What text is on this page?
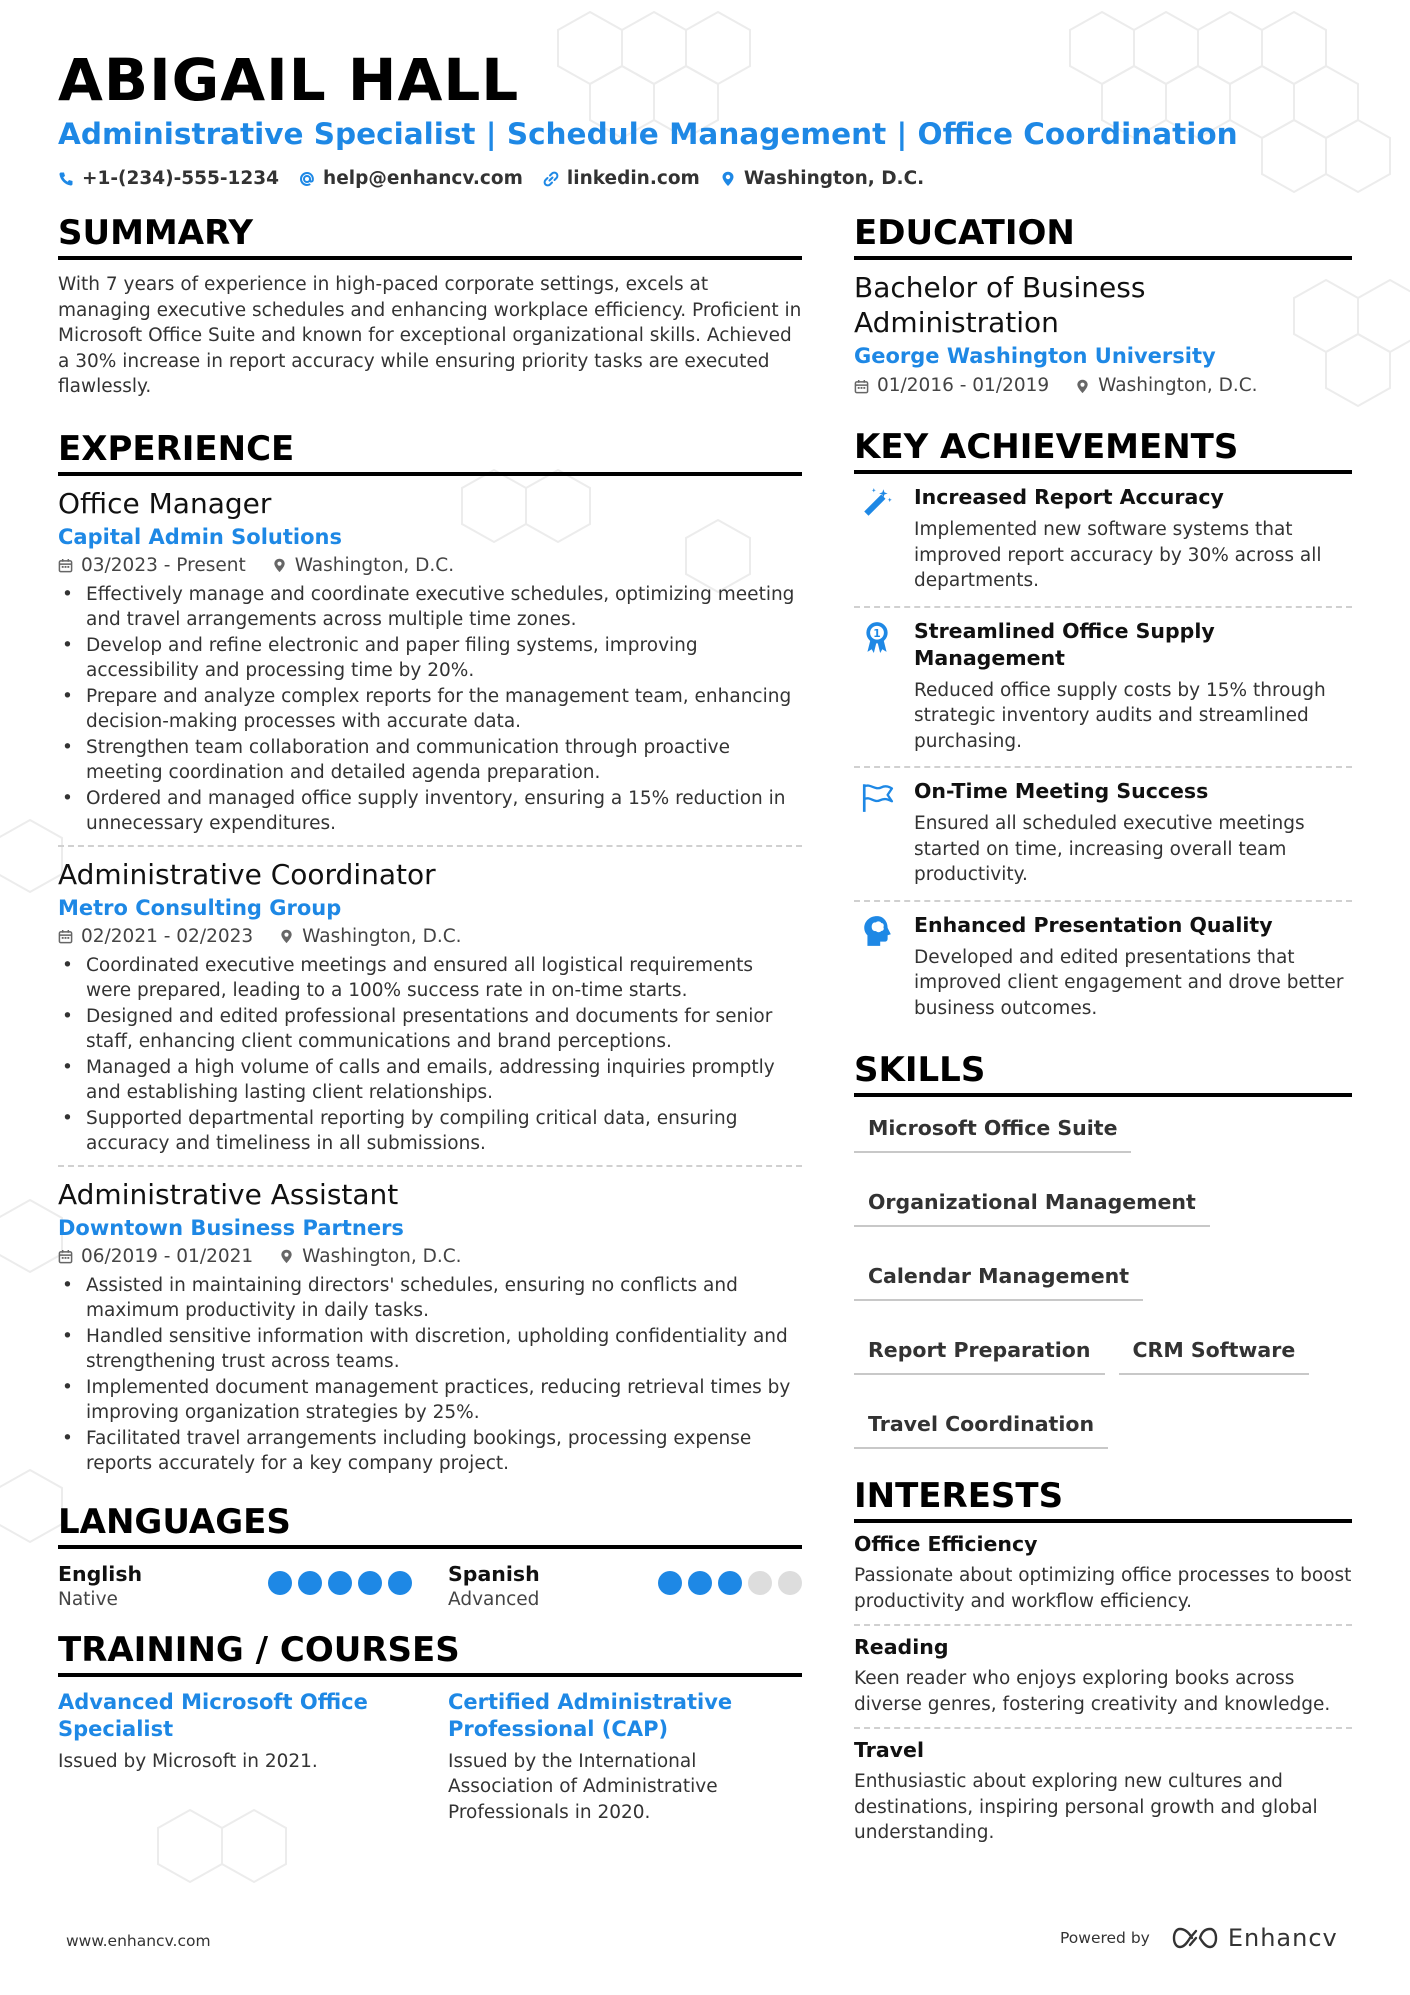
ABIGAIL HALL
Administrative Specialist | Schedule Management | Office Coordination
+1-(234)-555-1234 help@enhancv.com linkedin.com Washington, D.C.
SUMMARY
With 7 years of experience in high-paced corporate settings, excels at managing executive schedules and enhancing workplace efficiency. Proficient in Microsoft Office Suite and known for exceptional organizational skills. Achieved a 30% increase in report accuracy while ensuring priority tasks are executed flawlessly.
EXPERIENCE
Office Manager
Capital Admin Solutions
03/2023 - Present	Washington, D.C.
• Effectively manage and coordinate executive schedules, optimizing meeting and travel arrangements across multiple time zones.
• Develop and refine electronic and paper filing systems, improving accessibility and processing time by 20%.
• Prepare and analyze complex reports for the management team, enhancing decision-making processes with accurate data.
• Strengthen team collaboration and communication through proactive meeting coordination and detailed agenda preparation.
• Ordered and managed office supply inventory, ensuring a 15% reduction in unnecessary expenditures.
Administrative Coordinator
Metro Consulting Group
02/2021 - 02/2023	Washington, D.C.
• Coordinated executive meetings and ensured all logistical requirements were prepared, leading to a 100% success rate in on-time starts.
• Designed and edited professional presentations and documents for senior staff, enhancing client communications and brand perceptions.
• Managed a high volume of calls and emails, addressing inquiries promptly and establishing lasting client relationships.
• Supported departmental reporting by compiling critical data, ensuring accuracy and timeliness in all submissions.
Administrative Assistant
Downtown Business Partners
06/2019 - 01/2021	Washington, D.C.
• Assisted in maintaining directors' schedules, ensuring no conflicts and maximum productivity in daily tasks.
• Handled sensitive information with discretion, upholding confidentiality and strengthening trust across teams.
• Implemented document management practices, reducing retrieval times by improving organization strategies by 25%.
• Facilitated travel arrangements including bookings, processing expense reports accurately for a key company project.
LANGUAGES
English
Native
Spanish
Advanced
TRAINING / COURSES
Advanced Microsoft Office Specialist
Issued by Microsoft in 2021.
Certified Administrative Professional (CAP)
Issued by the International Association of Administrative Professionals in 2020.
EDUCATION
Bachelor of Business Administration
George Washington University
01/2016 - 01/2019	Washington, D.C.
KEY ACHIEVEMENTS
Increased Report Accuracy
Implemented new software systems that improved report accuracy by 30% across all departments.
1 Streamlined Office Supply Management
Reduced office supply costs by 15% through strategic inventory audits and streamlined purchasing.
On-Time Meeting Success
Ensured all scheduled executive meetings started on time, increasing overall team productivity.
Enhanced Presentation Quality
Developed and edited presentations that improved client engagement and drove better business outcomes.
SKILLS
Microsoft Office Suite
Organizational Management
Calendar Management
Report Preparation	CRM Software
Travel Coordination
INTERESTS
Office Efficiency
Passionate about optimizing office processes to boost productivity and workflow efficiency.
Reading
Keen reader who enjoys exploring books across diverse genres, fostering creativity and knowledge.
Travel
Enthusiastic about exploring new cultures and destinations, inspiring personal growth and global understanding.
www.enhancv.com	Powered by	Enhancv
